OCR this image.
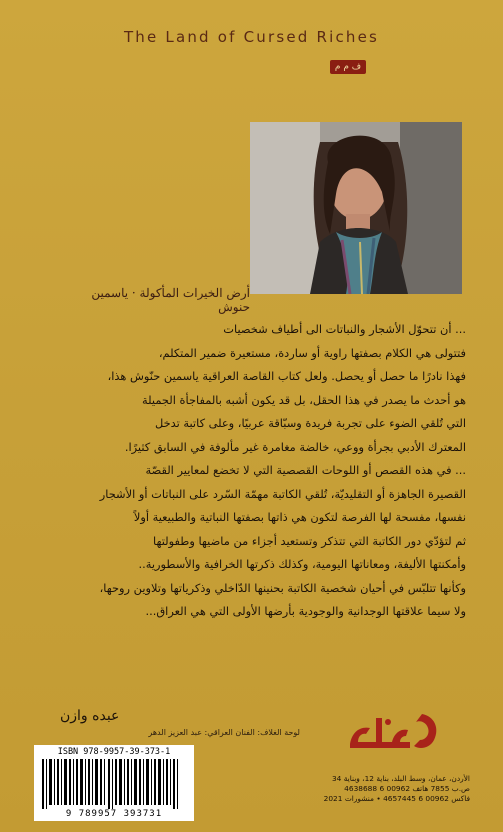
The Land of Cursed Riches
ف م م
أرض الخيرات المأكولة · ياسمين حنوش

... أن تتحوّل الأشجار والنباتات الى أطياف شخصيات

فتتولى هي الكلام بصفتها راوية أو ساردة، مستعيرة ضمير المتكلم،

فهذا نادرًا ما حصل أو يحصل. ولعل كتاب القاصة العراقية ياسمين حنّوش هذا،

هو أحدث ما يصدر في هذا الحقل، بل قد يكون أشبه بالمفاجأة الجميلة

التي تُلقي الضوء على تجربة فريدة وسبّاقة عربيًا، وعلى كاتبة تدخل

المعترك الأدبي بجرأة ووعي، خالضة مغامرة غير مألوفة في السابق كثيرًا.

... في هذه القصص أو اللوحات القصصية التي لا تخضع لمعايير القصّة

القصيرة الجاهزة أو التقليديّة، تُلقي الكاتبة مهمّة السّرد على النباتات أو الأشجار

نفسها، مفسحة لها الفرصة لتكون هي ذاتها بصفتها النباتية والطبيعية أولاً

ثم لتؤدّي دور الكاتبة التي تتذكر وتستعيد أجزاء من ماضيها وطفولتها

وأمكنتها الأليفة، ومعاناتها اليومية، وكذلك ذكرتها الخرافية والأسطورية..

وكأنها تتلبّس في أحيان شخصية الكاتبة بحنينها الدّاخلي وذكرياتها وتلاوين روحها،

ولا سيما علاقتها الوجدانية والوجودية بأرضها الأولى التي هي العراق...

عبده وازن
لوحة الغلاف: الفنان العراقي: عبد العزيز الدهر
ISBN 978-9957-39-373-1
9 789957 393731
الأردن، عمان، وسط البلد، بناية 12، وبناية 34
ص.ب 7855 هاتف 00962 6 4638688
فاكس 00962 6 4657445 • منشورات 2021
